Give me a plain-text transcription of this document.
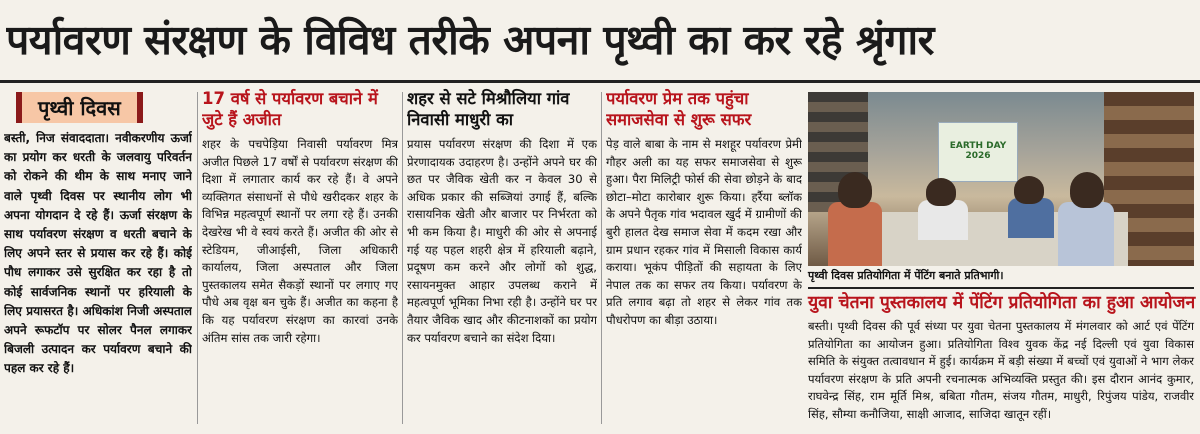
पर्यावरण संरक्षण के विविध तरीके अपना पृथ्वी का कर रहे श्रृंगार
पृथ्वी दिवस

बस्ती, निज संवाददाता। नवीकरणीय ऊर्जा का प्रयोग कर धरती के जलवायु परिवर्तन को रोकने की थीम के साथ मनाए जाने वाले पृथ्वी दिवस पर स्थानीय लोग भी अपना योगदान दे रहे हैं। ऊर्जा संरक्षण के साथ पर्यावरण संरक्षण व धरती बचाने के लिए अपने स्तर से प्रयास कर रहे हैं। कोई पौध लगाकर उसे सुरक्षित कर रहा है तो कोई सार्वजनिक स्थानों पर हरियाली के लिए प्रयासरत है। अधिकांश निजी अस्पताल अपने रूफटॉप पर सोलर पैनल लगाकर बिजली उत्पादन कर पर्यावरण बचाने की पहल कर रहे हैं।

17 वर्ष से पर्यावरण बचाने में जुटे हैं अजीत

शहर के पचपेड़िया निवासी पर्यावरण मित्र अजीत पिछले 17 वर्षों से पर्यावरण संरक्षण की दिशा में लगातार कार्य कर रहे हैं। वे अपने व्यक्तिगत संसाधनों से पौधे खरीदकर शहर के विभिन्न महत्वपूर्ण स्थानों पर लगा रहे हैं। उनकी देखरेख भी वे स्वयं करते हैं। अजीत की ओर से स्टेडियम, जीआईसी, जिला अधिकारी कार्यालय, जिला अस्पताल और जिला पुस्तकालय समेत सैकड़ों स्थानों पर लगाए गए पौधे अब वृक्ष बन चुके हैं। अजीत का कहना है कि यह पर्यावरण संरक्षण का कारवां उनके अंतिम सांस तक जारी रहेगा।

शहर से सटे मिश्रौलिया गांव निवासी माधुरी का

प्रयास पर्यावरण संरक्षण की दिशा में एक प्रेरणादायक उदाहरण है। उन्होंने अपने घर की छत पर जैविक खेती कर न केवल 30 से अधिक प्रकार की सब्जियां उगाई हैं, बल्कि रासायनिक खेती और बाजार पर निर्भरता को भी कम किया है। माधुरी की ओर से अपनाई गई यह पहल शहरी क्षेत्र में हरियाली बढ़ाने, प्रदूषण कम करने और लोगों को शुद्ध, रसायनमुक्त आहार उपलब्ध कराने में महत्वपूर्ण भूमिका निभा रही है। उन्होंने घर पर तैयार जैविक खाद और कीटनाशकों का प्रयोग कर पर्यावरण बचाने का संदेश दिया।

पर्यावरण प्रेम तक पहुंचा समाजसेवा से शुरू सफर

पेड़ वाले बाबा के नाम से मशहूर पर्यावरण प्रेमी गौहर अली का यह सफर समाजसेवा से शुरू हुआ। पैरा मिलिट्री फोर्स की सेवा छोड़ने के बाद छोटा–मोटा कारोबार शुरू किया। हर्रैया ब्लॉक के अपने पैतृक गांव भदावल खुर्द में ग्रामीणों की बुरी हालत देख समाज सेवा में कदम रखा और ग्राम प्रधान रहकर गांव में मिसाली विकास कार्य कराया। भूकंप पीड़ितों की सहायता के लिए नेपाल तक का सफर तय किया। पर्यावरण के प्रति लगाव बढ़ा तो शहर से लेकर गांव तक पौधरोपण का बीड़ा उठाया।

EARTH DAY 2026
पृथ्वी दिवस प्रतियोगिता में पेंटिंग बनाते प्रतिभागी।
युवा चेतना पुस्तकालय में पेंटिंग प्रतियोगिता का हुआ आयोजन
बस्ती। पृथ्वी दिवस की पूर्व संध्या पर युवा चेतना पुस्तकालय में मंगलवार को आर्ट एवं पेंटिंग प्रतियोगिता का आयोजन हुआ। प्रतियोगिता विश्व युवक केंद्र नई दिल्ली एवं युवा विकास समिति के संयुक्त तत्वावधान में हुई। कार्यक्रम में बड़ी संख्या में बच्चों एवं युवाओं ने भाग लेकर पर्यावरण संरक्षण के प्रति अपनी रचनात्मक अभिव्यक्ति प्रस्तुत की। इस दौरान आनंद कुमार, राघवेन्द्र सिंह, राम मूर्ति मिश्र, बबिता गौतम, संजय गौतम, माधुरी, रिपुंजय पांडेय, राजवीर सिंह, सौम्या कनौजिया, साक्षी आजाद, साजिदा खातून रहीं।
